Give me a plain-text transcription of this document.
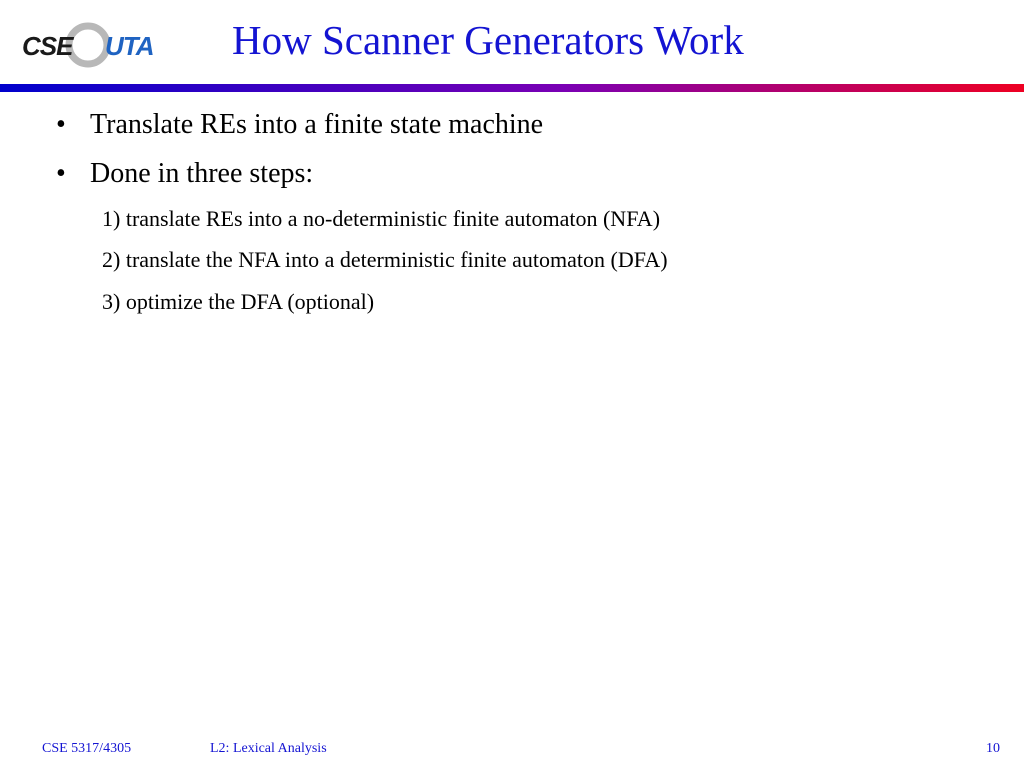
CSE UTA How Scanner Generators Work
• Translate REs into a finite state machine
• Done in three steps:
1) translate REs into a no-deterministic finite automaton (NFA)
2) translate the NFA into a deterministic finite automaton (DFA)
3) optimize the DFA (optional)
CSE 5317/4305	L2: Lexical Analysis	10
